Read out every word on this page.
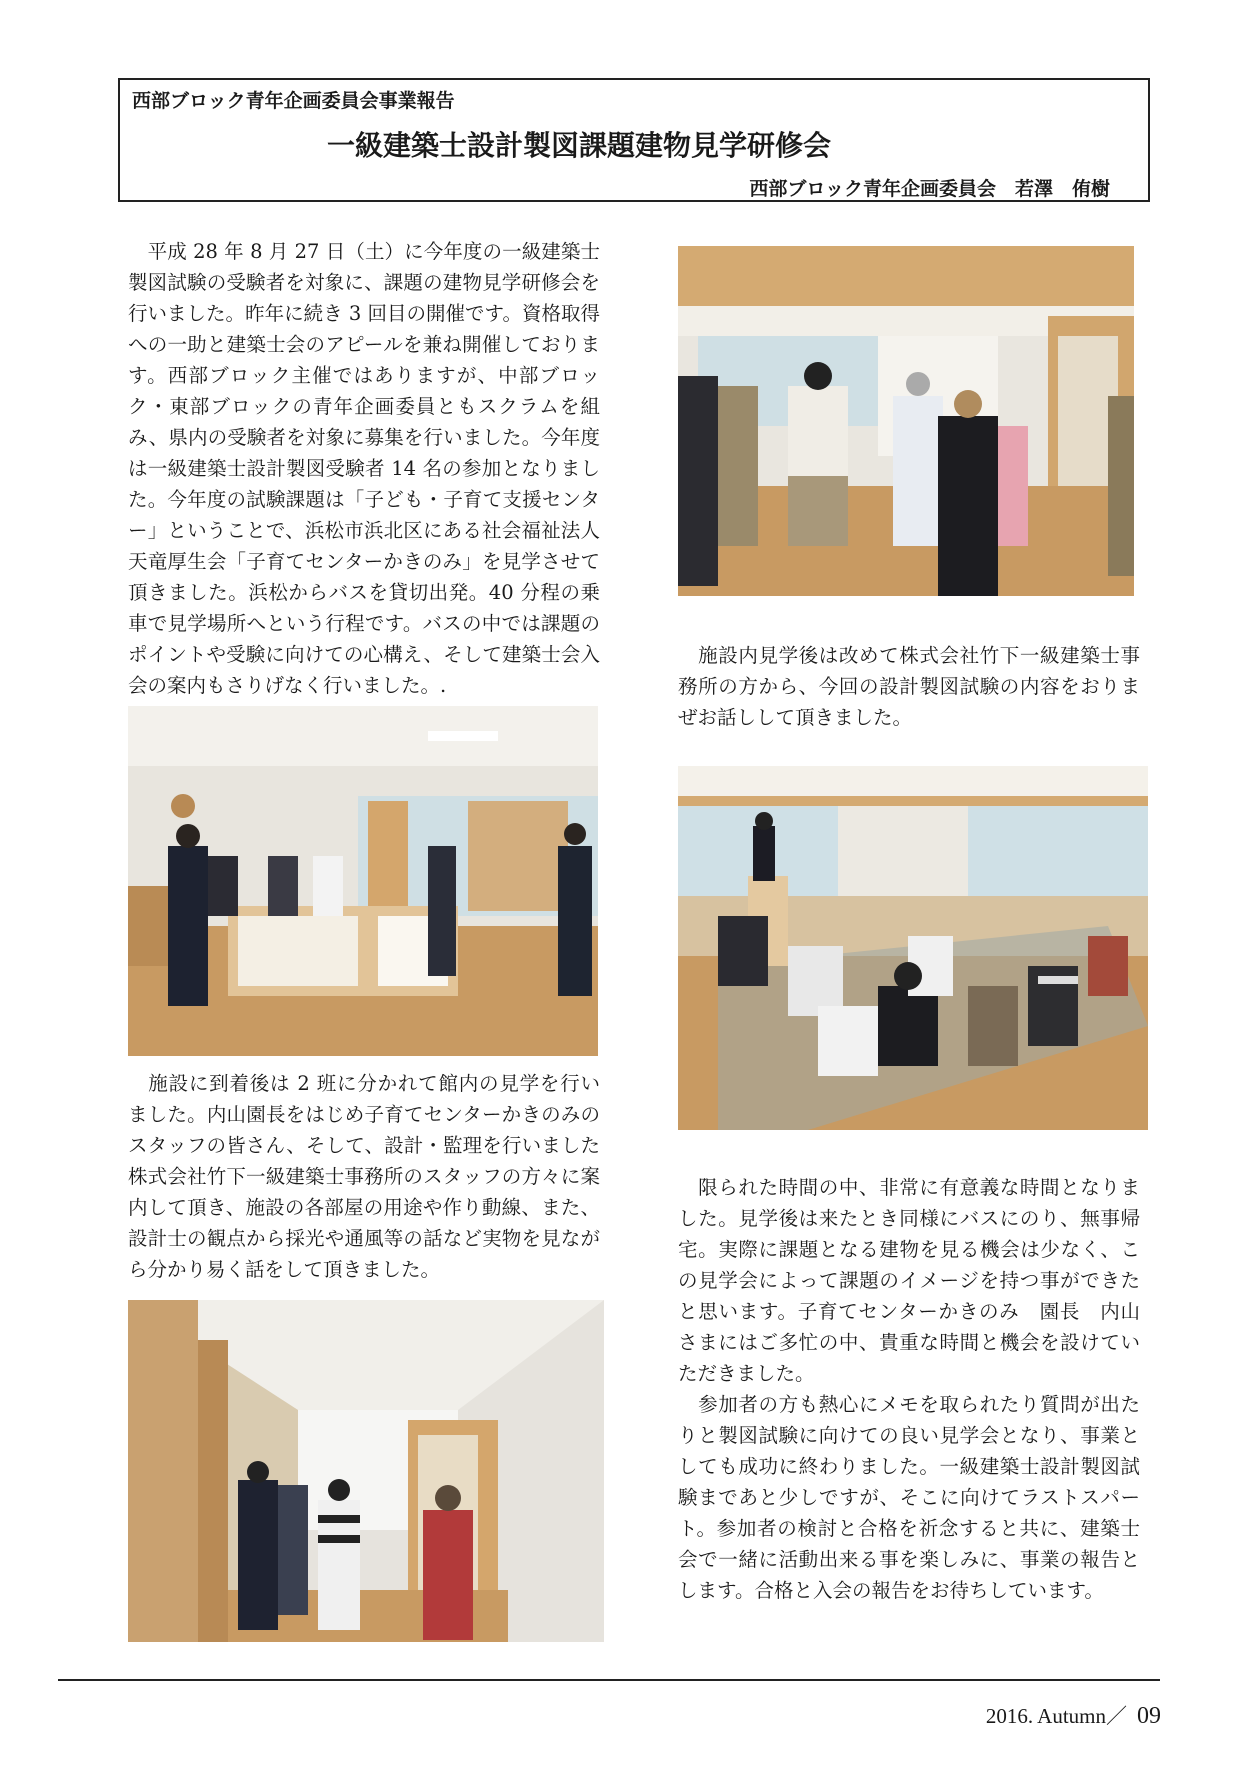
西部ブロック青年企画委員会事業報告
一級建築士設計製図課題建物見学研修会
西部ブロック青年企画委員会　若澤　侑樹

平成 28 年 8 月 27 日（土）に今年度の一級建築士製図試験の受験者を対象に、課題の建物見学研修会を行いました。昨年に続き 3 回目の開催です。資格取得への一助と建築士会のアピールを兼ね開催しております。西部ブロック主催ではありますが、中部ブロック・東部ブロックの青年企画委員ともスクラムを組み、県内の受験者を対象に募集を行いました。今年度は一級建築士設計製図受験者 14 名の参加となりました。今年度の試験課題は「子ども・子育て支援センター」ということで、浜松市浜北区にある社会福祉法人天竜厚生会「子育てセンターかきのみ」を見学させて頂きました。浜松からバスを貸切出発。40 分程の乗車で見学場所へという行程です。バスの中では課題のポイントや受験に向けての心構え、そして建築士会入会の案内もさりげなく行いました。.

施設に到着後は 2 班に分かれて館内の見学を行いました。内山園長をはじめ子育てセンターかきのみのスタッフの皆さん、そして、設計・監理を行いました株式会社竹下一級建築士事務所のスタッフの方々に案内して頂き、施設の各部屋の用途や作り動線、また、設計士の観点から採光や通風等の話など実物を見ながら分かり易く話をして頂きました。

施設内見学後は改めて株式会社竹下一級建築士事務所の方から、今回の設計製図試験の内容をおりまぜお話しして頂きました。

限られた時間の中、非常に有意義な時間となりました。見学後は来たとき同様にバスにのり、無事帰宅。実際に課題となる建物を見る機会は少なく、この見学会によって課題のイメージを持つ事ができたと思います。子育てセンターかきのみ　園長　内山さまにはご多忙の中、貴重な時間と機会を設けていただきました。

参加者の方も熱心にメモを取られたり質問が出たりと製図試験に向けての良い見学会となり、事業としても成功に終わりました。一級建築士設計製図試験まであと少しですが、そこに向けてラストスパート。参加者の検討と合格を祈念すると共に、建築士会で一緒に活動出来る事を楽しみに、事業の報告とします。合格と入会の報告をお待ちしています。

2016. Autumn／ 09
